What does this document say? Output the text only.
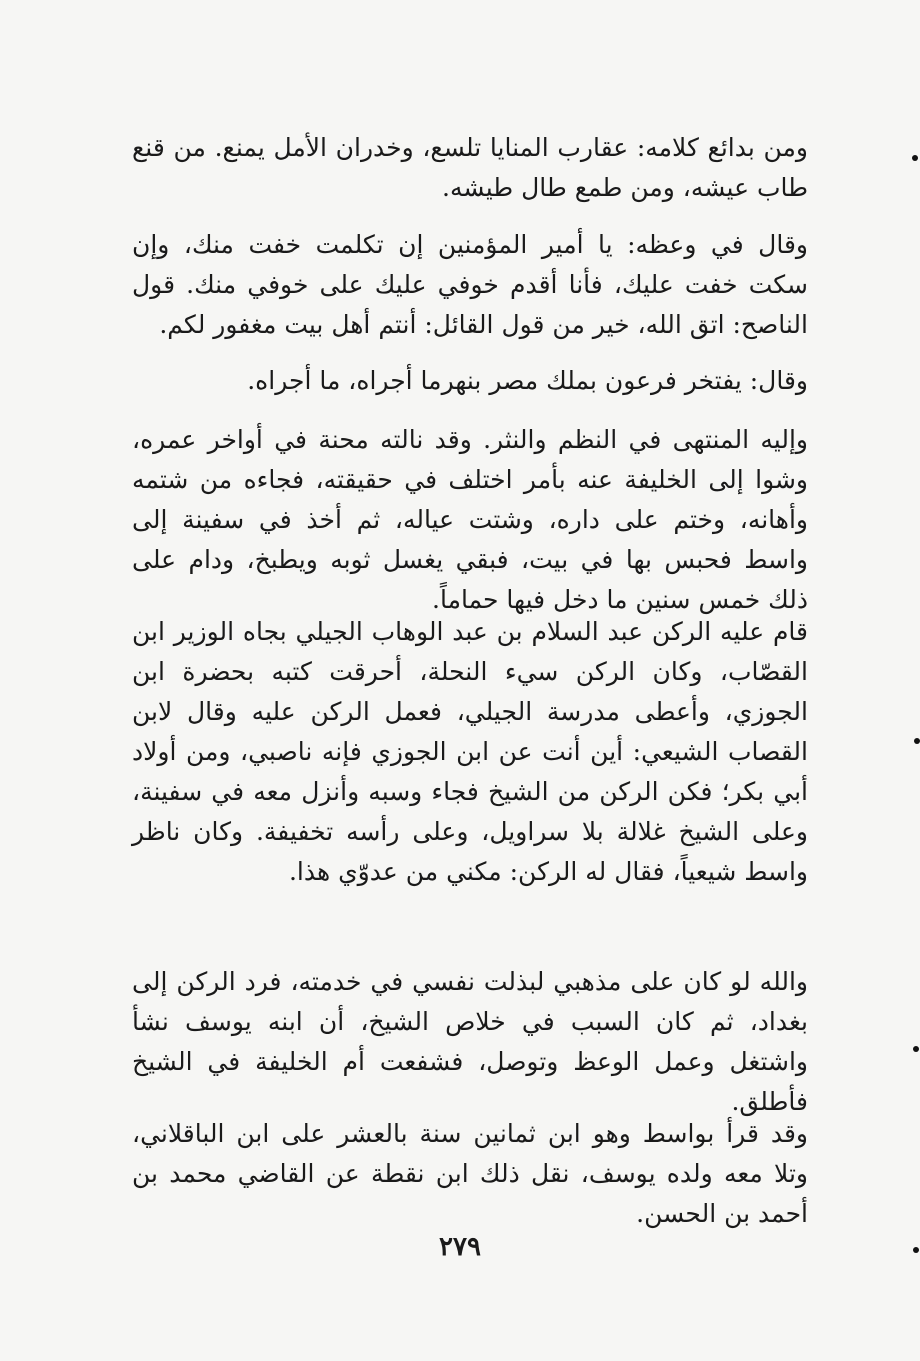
ومن بدائع كلامه: عقارب المنايا تلسع، وخدران الأمل يمنع. من قنع طاب عيشه، ومن طمع طال طيشه.

وقال في وعظه: يا أمير المؤمنين إن تكلمت خفت منك، وإن سكت خفت عليك، فأنا أقدم خوفي عليك على خوفي منك. قول الناصح: اتق الله، خير من قول القائل: أنتم أهل بيت مغفور لكم.

وقال: يفتخر فرعون بملك مصر بنهرما أجراه، ما أجراه.

وإليه المنتهى في النظم والنثر. وقد نالته محنة في أواخر عمره، وشوا إلى الخليفة عنه بأمر اختلف في حقيقته، فجاءه من شتمه وأهانه، وختم على داره، وشتت عياله، ثم أخذ في سفينة إلى واسط فحبس بها في بيت، فبقي يغسل ثوبه ويطبخ، ودام على ذلك خمس سنين ما دخل فيها حماماً.

قام عليه الركن عبد السلام بن عبد الوهاب الجيلي بجاه الوزير ابن القصّاب، وكان الركن سيء النحلة، أحرقت كتبه بحضرة ابن الجوزي، وأعطى مدرسة الجيلي، فعمل الركن عليه وقال لابن القصاب الشيعي: أين أنت عن ابن الجوزي فإنه ناصبي، ومن أولاد أبي بكر؛ فكن الركن من الشيخ فجاء وسبه وأنزل معه في سفينة، وعلى الشيخ غلالة بلا سراويل، وعلى رأسه تخفيفة. وكان ناظر واسط شيعياً، فقال له الركن: مكني من عدوّي هذا.

والله لو كان على مذهبي لبذلت نفسي في خدمته، فرد الركن إلى بغداد، ثم كان السبب في خلاص الشيخ، أن ابنه يوسف نشأ واشتغل وعمل الوعظ وتوصل، فشفعت أم الخليفة في الشيخ فأطلق.

وقد قرأ بواسط وهو ابن ثمانين سنة بالعشر على ابن الباقلاني، وتلا معه ولده يوسف، نقل ذلك ابن نقطة عن القاضي محمد بن أحمد بن الحسن.

٢٧٩
